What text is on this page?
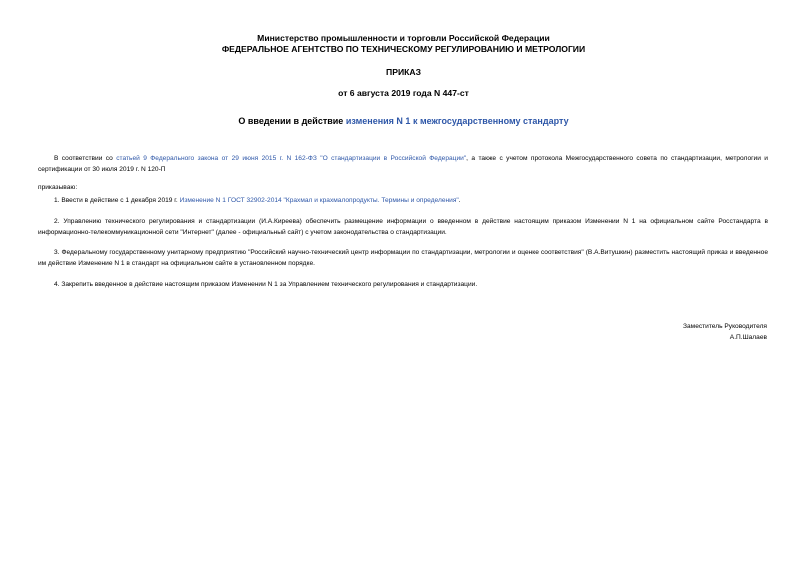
Министерство промышленности и торговли Российской Федерации
ФЕДЕРАЛЬНОЕ АГЕНТСТВО ПО ТЕХНИЧЕСКОМУ РЕГУЛИРОВАНИЮ И МЕТРОЛОГИИ
ПРИКАЗ
от 6 августа 2019 года N 447-ст
О введении в действие изменения N 1 к межгосударственному стандарту
В соответствии со статьей 9 Федерального закона от 29 июня 2015 г. N 162-ФЗ "О стандартизации в Российской Федерации", а также с учетом протокола Межгосударственного совета по стандартизации, метрологии и сертификации от 30 июля 2019 г. N 120-П
приказываю:
1. Ввести в действие с 1 декабря 2019 г. Изменение N 1 ГОСТ 32902-2014 "Крахмал и крахмалопродукты. Термины и определения".
2. Управлению технического регулирования и стандартизации (И.А.Киреева) обеспечить размещение информации о введенном в действие настоящим приказом Изменении N 1 на официальном сайте Росстандарта в информационно-телекоммуникационной сети "Интернет" (далее - официальный сайт) с учетом законодательства о стандартизации.
3. Федеральному государственному унитарному предприятию "Российский научно-технический центр информации по стандартизации, метрологии и оценке соответствия" (В.А.Витушкин) разместить настоящий приказ и введенное им действие Изменение N 1 в стандарт на официальном сайте в установленном порядке.
4. Закрепить введенное в действие настоящим приказом Изменении N 1 за Управлением технического регулирования и стандартизации.
Заместитель Руководителя
А.П.Шалаев
